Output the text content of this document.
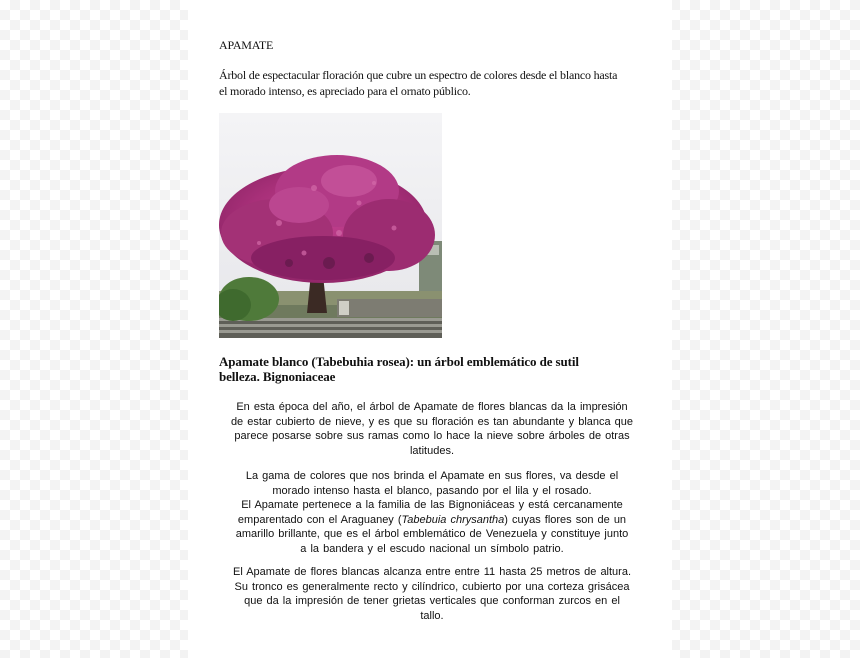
APAMATE
Árbol de espectacular floración que cubre un espectro de colores desde el blanco hasta
el morado intenso, es apreciado para el ornato público.
Apamate blanco (Tabebuhia rosea): un árbol emblemático de sutil
belleza. Bignoniaceae
En esta época del año, el árbol de Apamate de flores blancas da la impresión
de estar cubierto de nieve, y es que su floración es tan abundante y blanca que
parece posarse sobre sus ramas como lo hace la nieve sobre árboles de otras
latitudes.
La gama de colores que nos brinda el Apamate en sus flores, va desde el
morado intenso hasta el blanco, pasando por el lila y el rosado.
El Apamate pertenece a la familia de las Bignoniáceas y está cercanamente
emparentado con el Araguaney (Tabebuia chrysantha) cuyas flores son de un
amarillo brillante, que es el árbol emblemático de Venezuela y constituye junto
a la bandera y el escudo nacional un símbolo patrio.
El Apamate de flores blancas alcanza entre entre 11 hasta 25 metros de altura.
Su tronco es generalmente recto y cilíndrico, cubierto por una corteza grisácea
que da la impresión de tener grietas verticales que conforman zurcos en el
tallo.
